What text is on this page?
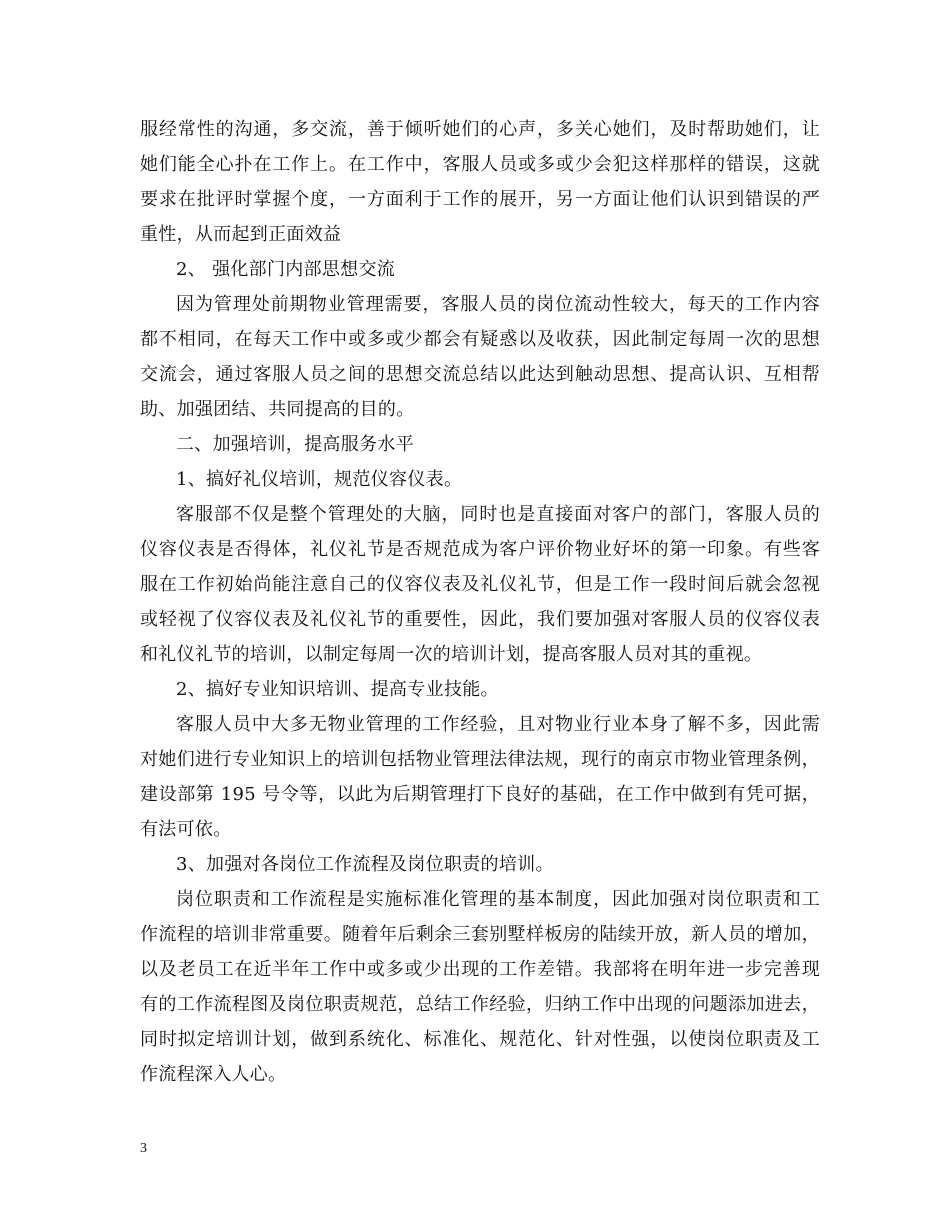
服经常性的沟通，多交流，善于倾听她们的心声，多关心她们，及时帮助她们，让
她们能全心扑在工作上。在工作中，客服人员或多或少会犯这样那样的错误，这就
要求在批评时掌握个度，一方面利于工作的展开，另一方面让他们认识到错误的严
重性，从而起到正面效益
2、 强化部门内部思想交流
因为管理处前期物业管理需要，客服人员的岗位流动性较大，每天的工作内容
都不相同，在每天工作中或多或少都会有疑惑以及收获，因此制定每周一次的思想
交流会，通过客服人员之间的思想交流总结以此达到触动思想、提高认识、互相帮
助、加强团结、共同提高的目的。
二、加强培训，提高服务水平
1、搞好礼仪培训，规范仪容仪表。
客服部不仅是整个管理处的大脑，同时也是直接面对客户的部门，客服人员的
仪容仪表是否得体，礼仪礼节是否规范成为客户评价物业好坏的第一印象。有些客
服在工作初始尚能注意自己的仪容仪表及礼仪礼节，但是工作一段时间后就会忽视
或轻视了仪容仪表及礼仪礼节的重要性，因此，我们要加强对客服人员的仪容仪表
和礼仪礼节的培训，以制定每周一次的培训计划，提高客服人员对其的重视。
2、搞好专业知识培训、提高专业技能。
客服人员中大多无物业管理的工作经验，且对物业行业本身了解不多，因此需
对她们进行专业知识上的培训包括物业管理法律法规，现行的南京市物业管理条例，
建设部第 195 号令等，以此为后期管理打下良好的基础，在工作中做到有凭可据，
有法可依。
3、加强对各岗位工作流程及岗位职责的培训。
岗位职责和工作流程是实施标准化管理的基本制度，因此加强对岗位职责和工
作流程的培训非常重要。随着年后剩余三套别墅样板房的陆续开放，新人员的增加，
以及老员工在近半年工作中或多或少出现的工作差错。我部将在明年进一步完善现
有的工作流程图及岗位职责规范，总结工作经验，归纳工作中出现的问题添加进去，
同时拟定培训计划，做到系统化、标准化、规范化、针对性强，以使岗位职责及工
作流程深入人心。
3
